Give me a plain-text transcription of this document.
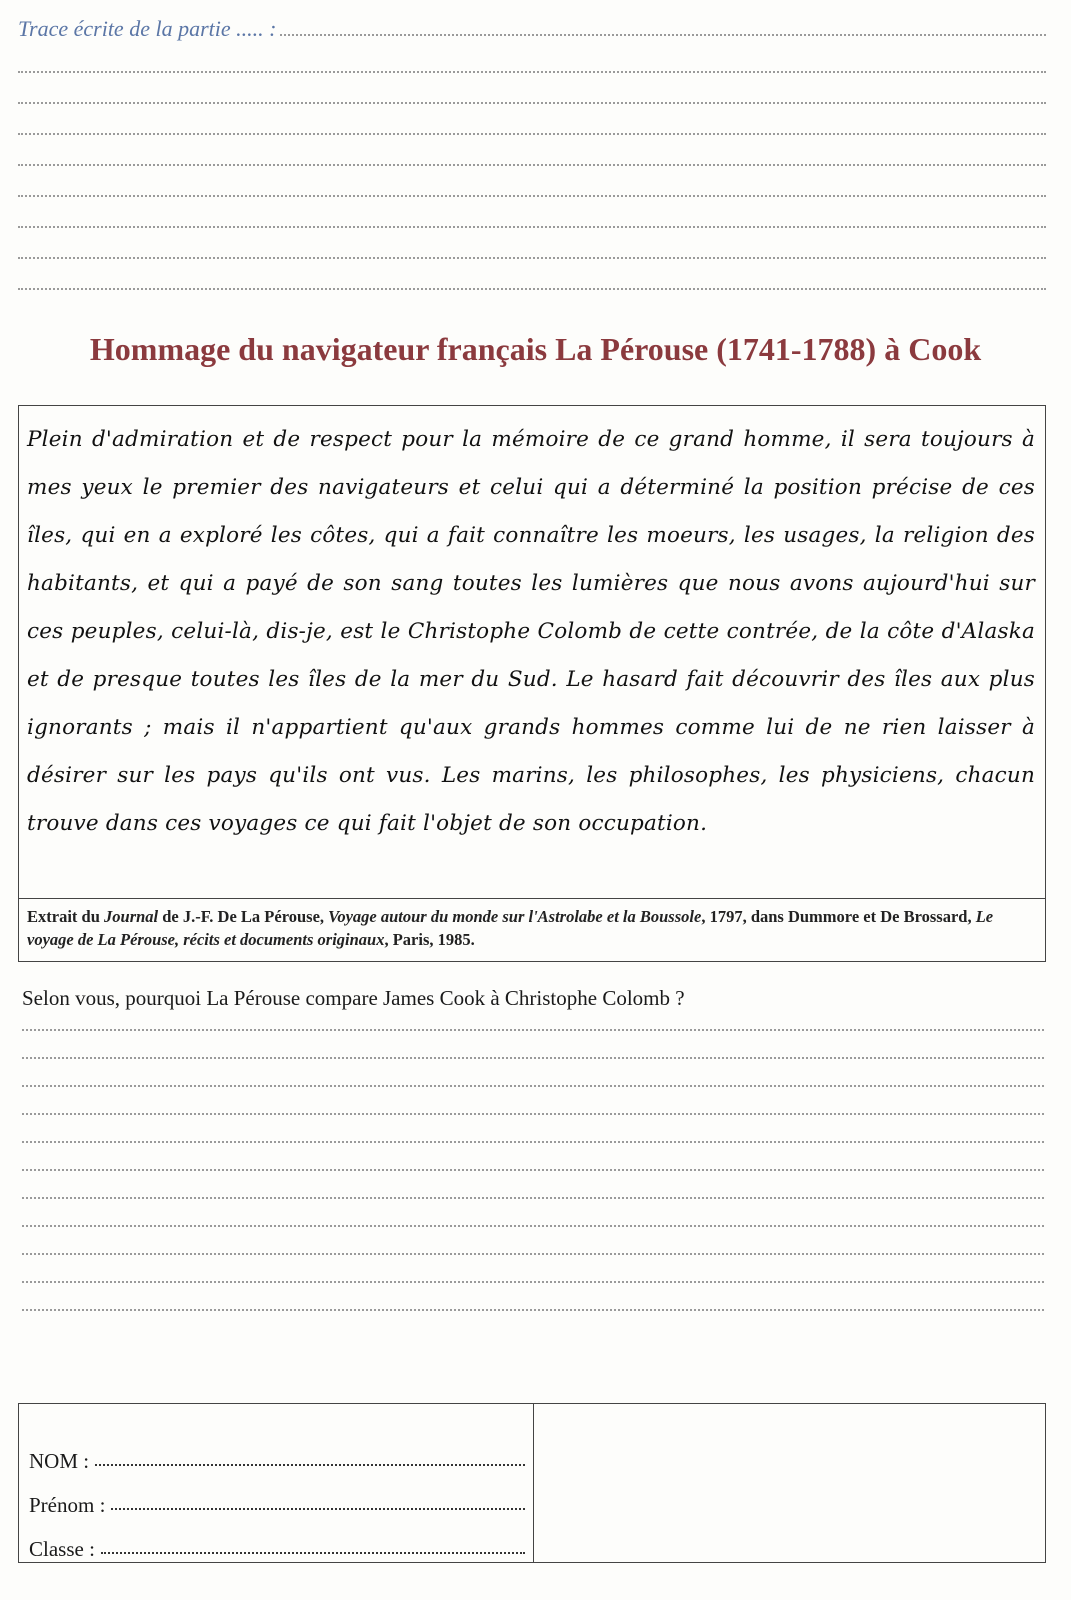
Trace écrite de la partie ..... :
Hommage du navigateur français La Pérouse (1741-1788) à Cook

Plein d'admiration et de respect pour la mémoire de ce grand homme, il sera toujours à mes yeux le premier des navigateurs et celui qui a déterminé la position précise de ces îles, qui en a exploré les côtes, qui a fait connaître les moeurs, les usages, la religion des habitants, et qui a payé de son sang toutes les lumières que nous avons aujourd'hui sur ces peuples, celui-là, dis-je, est le Christophe Colomb de cette contrée, de la côte d'Alaska et de presque toutes les îles de la mer du Sud. Le hasard fait découvrir des îles aux plus ignorants ; mais il n'appartient qu'aux grands hommes comme lui de ne rien laisser à désirer sur les pays qu'ils ont vus. Les marins, les philosophes, les physiciens, chacun trouve dans ces voyages ce qui fait l'objet de son occupation.

Extrait du Journal de J.-F. De La Pérouse, Voyage autour du monde sur l'Astrolabe et la Boussole, 1797, dans Dummore et De Brossard, Le voyage de La Pérouse, récits et documents originaux, Paris, 1985.
Selon vous, pourquoi La Pérouse compare James Cook à Christophe Colomb ?
NOM :
Prénom :
Classe :
